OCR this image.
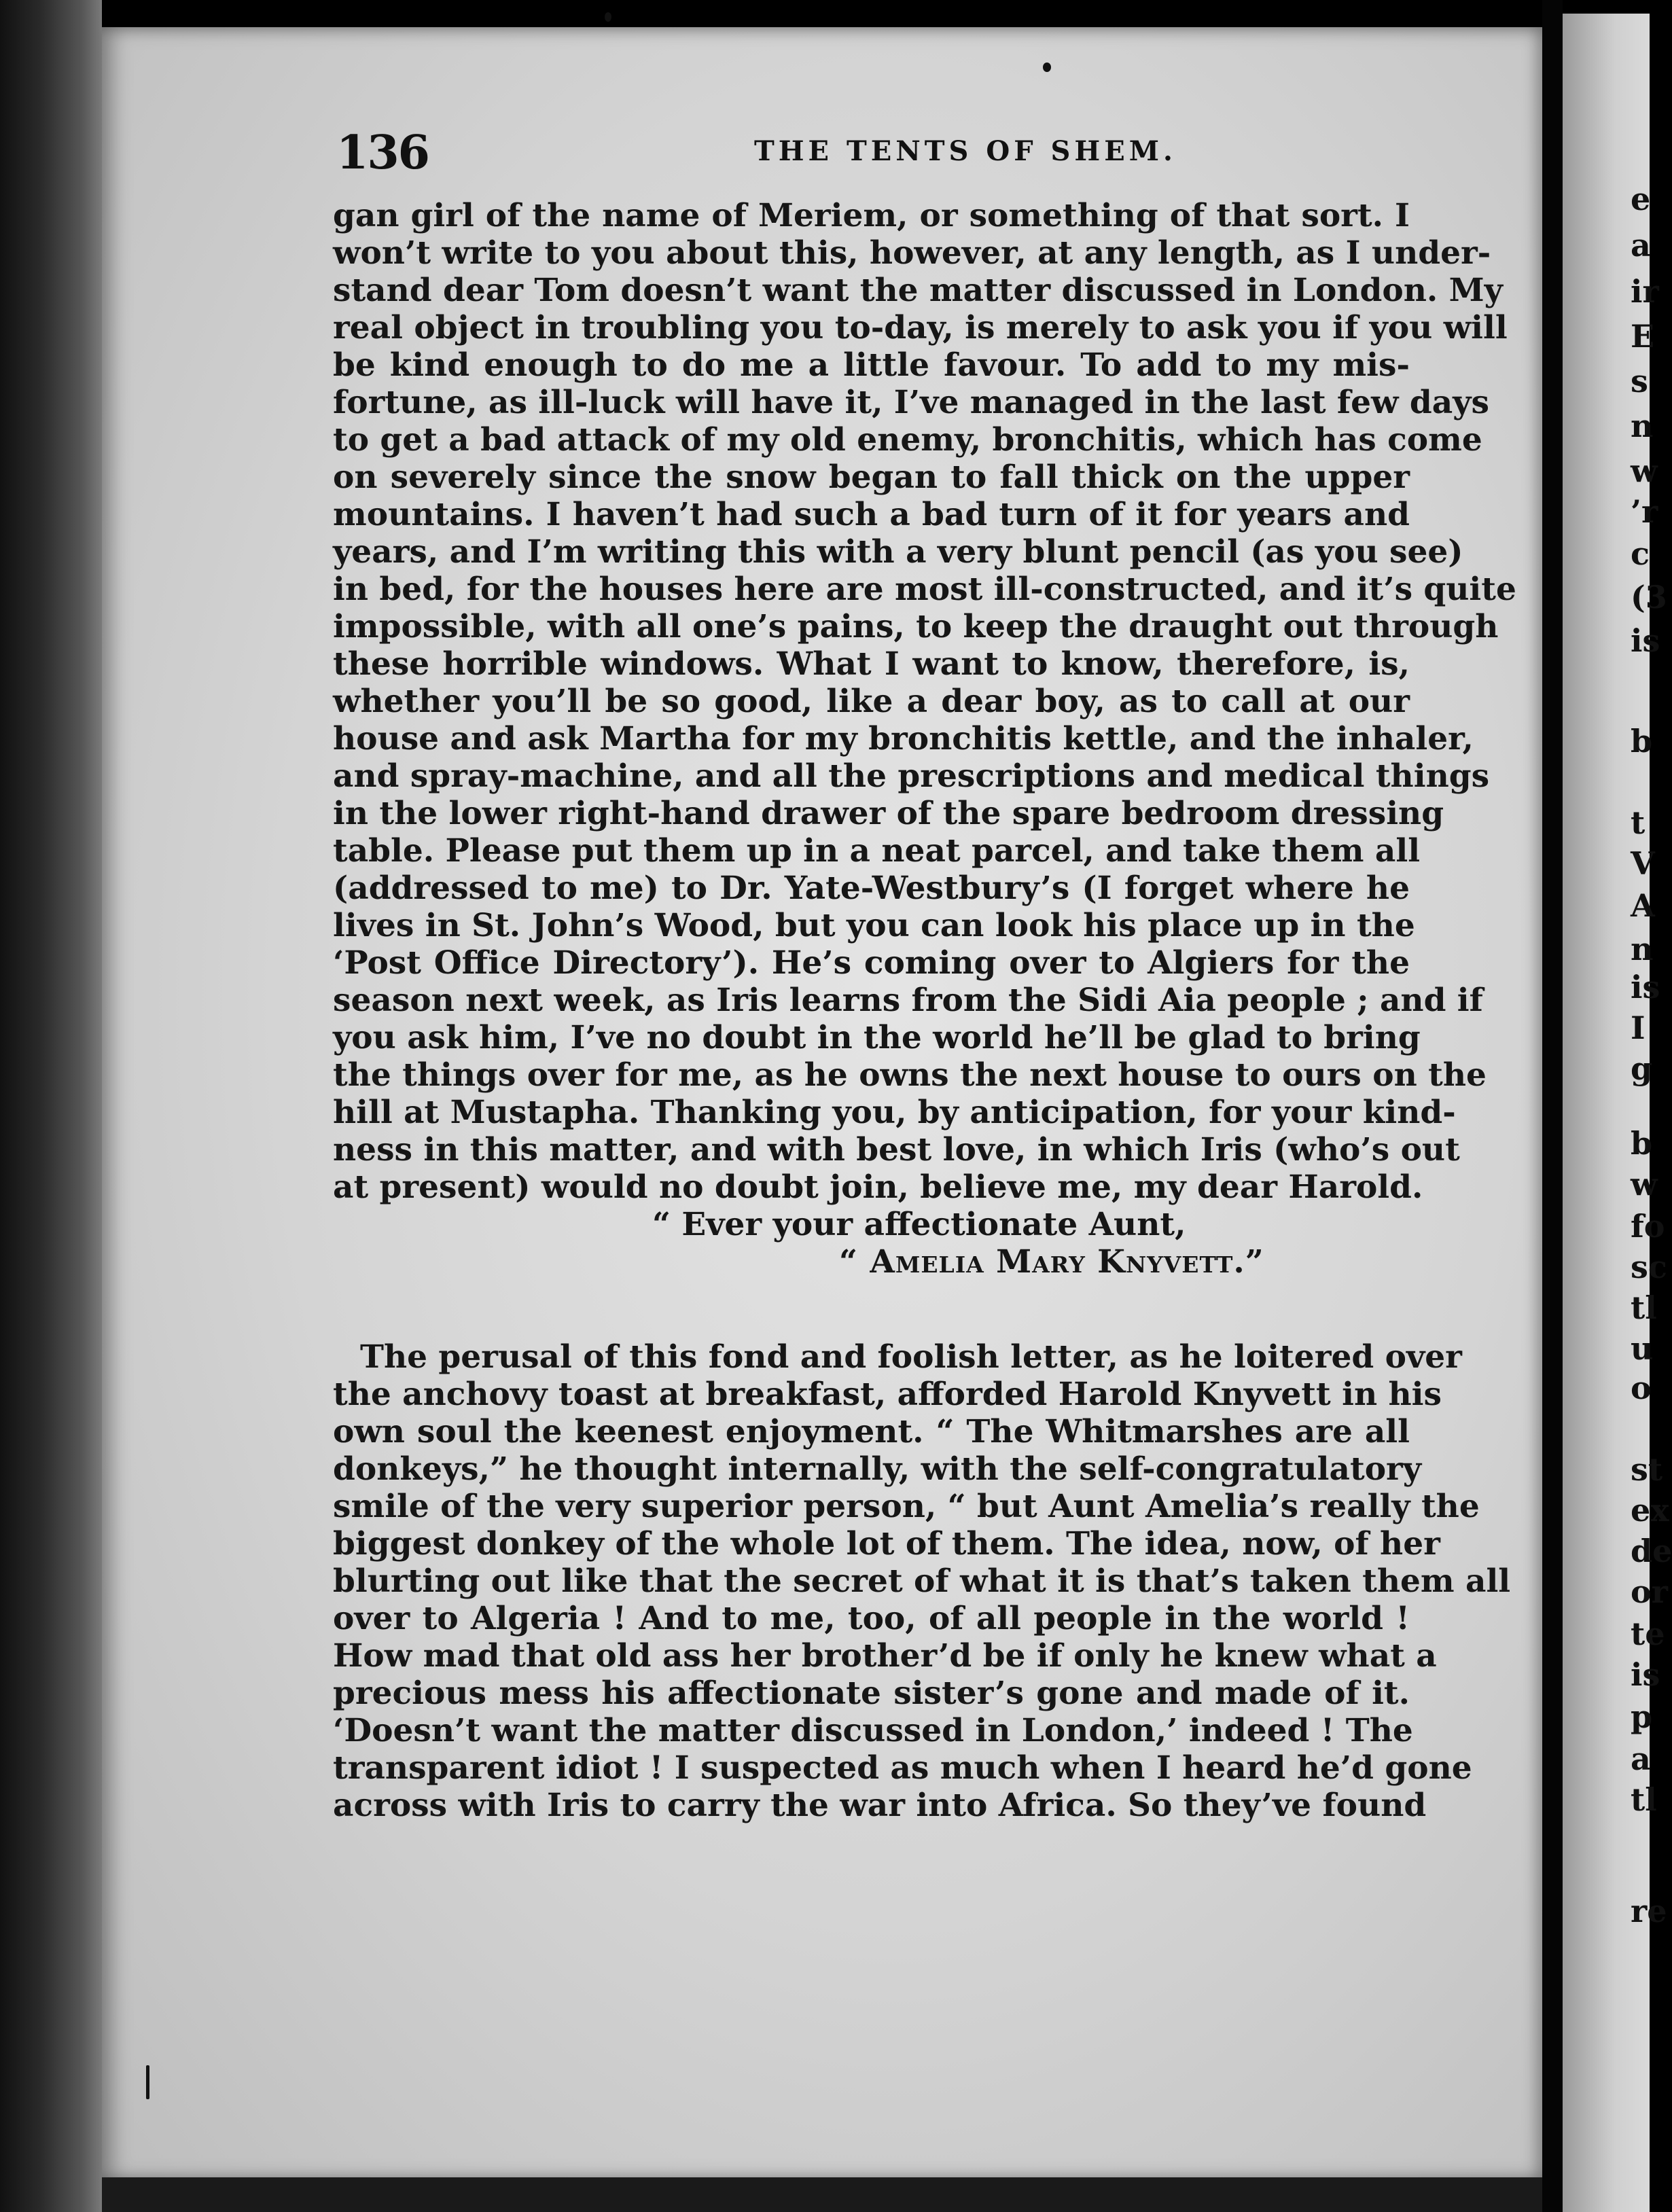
e
a
ir
E
s
n
w
’r
c
(3
is
b
t
V
A
n
is
I
g
b
w
fo
sc
tl
u
o
st
ex
de
or
te
is
p
a
tl
re
136	THE TENTS OF SHEM.
gan girl of the name of Meriem, or something of that sort. I
won’t write to you about this, however, at any length, as I under-
stand dear Tom doesn’t want the matter discussed in London. My
real object in troubling you to-day, is merely to ask you if you will
be kind enough to do me a little favour. To add to my mis-
fortune, as ill-luck will have it, I’ve managed in the last few days
to get a bad attack of my old enemy, bronchitis, which has come
on severely since the snow began to fall thick on the upper
mountains. I haven’t had such a bad turn of it for years and
years, and I’m writing this with a very blunt pencil (as you see)
in bed, for the houses here are most ill-constructed, and it’s quite
impossible, with all one’s pains, to keep the draught out through
these horrible windows. What I want to know, therefore, is,
whether you’ll be so good, like a dear boy, as to call at our
house and ask Martha for my bronchitis kettle, and the inhaler,
and spray-machine, and all the prescriptions and medical things
in the lower right-hand drawer of the spare bedroom dressing
table. Please put them up in a neat parcel, and take them all
(addressed to me) to Dr. Yate-Westbury’s (I forget where he
lives in St. John’s Wood, but you can look his place up in the
‘Post Office Directory’). He’s coming over to Algiers for the
season next week, as Iris learns from the Sidi Aia people ; and if
you ask him, I’ve no doubt in the world he’ll be glad to bring
the things over for me, as he owns the next house to ours on the
hill at Mustapha. Thanking you, by anticipation, for your kind-
ness in this matter, and with best love, in which Iris (who’s out
at present) would no doubt join, believe me, my dear Harold.
“ Ever your affectionate Aunt,
“ Amelia Mary Knyvett.”
The perusal of this fond and foolish letter, as he loitered over
the anchovy toast at breakfast, afforded Harold Knyvett in his
own soul the keenest enjoyment. “ The Whitmarshes are all
donkeys,” he thought internally, with the self-congratulatory
smile of the very superior person, “ but Aunt Amelia’s really the
biggest donkey of the whole lot of them. The idea, now, of her
blurting out like that the secret of what it is that’s taken them all
over to Algeria ! And to me, too, of all people in the world !
How mad that old ass her brother’d be if only he knew what a
precious mess his affectionate sister’s gone and made of it.
‘Doesn’t want the matter discussed in London,’ indeed ! The
transparent idiot ! I suspected as much when I heard he’d gone
across with Iris to carry the war into Africa. So they’ve found
